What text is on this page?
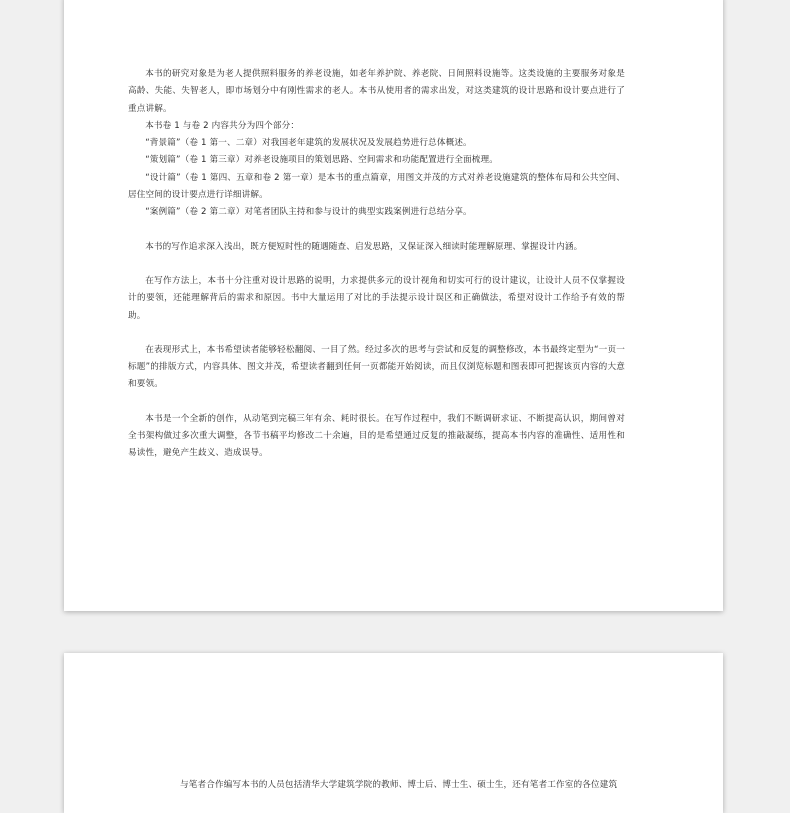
本书的研究对象是为老人提供照料服务的养老设施，如老年养护院、养老院、日间照料设施等。这类设施的主要服务对象是高龄、失能、失智老人，即市场划分中有刚性需求的老人。本书从使用者的需求出发，对这类建筑的设计思路和设计要点进行了重点讲解。

本书卷 1 与卷 2 内容共分为四个部分：

“背景篇”（卷 1 第一、二章）对我国老年建筑的发展状况及发展趋势进行总体概述。

“策划篇”（卷 1 第三章）对养老设施项目的策划思路、空间需求和功能配置进行全面梳理。

“设计篇”（卷 1 第四、五章和卷 2 第一章）是本书的重点篇章，用图文并茂的方式对养老设施建筑的整体布局和公共空间、居住空间的设计要点进行详细讲解。

“案例篇”（卷 2 第二章）对笔者团队主持和参与设计的典型实践案例进行总结分享。

本书的写作追求深入浅出，既方便短时性的随遇随查、启发思路，又保证深入细读时能理解原理、掌握设计内涵。

在写作方法上，本书十分注重对设计思路的说明，力求提供多元的设计视角和切实可行的设计建议，让设计人员不仅掌握设计的要领，还能理解背后的需求和原因。书中大量运用了对比的手法提示设计误区和正确做法，希望对设计工作给予有效的帮助。

在表现形式上，本书希望读者能够轻松翻阅、一目了然。经过多次的思考与尝试和反复的调整修改，本书最终定型为“一页一标题”的排版方式，内容具体、图文并茂，希望读者翻到任何一页都能开始阅读，而且仅浏览标题和图表即可把握该页内容的大意和要领。

本书是一个全新的创作，从动笔到完稿三年有余、耗时很长。在写作过程中，我们不断调研求证、不断提高认识，期间曾对全书架构做过多次重大调整，各节书稿平均修改二十余遍，目的是希望通过反复的推敲凝练，提高本书内容的准确性、适用性和易读性，避免产生歧义、造成误导。

与笔者合作编写本书的人员包括清华大学建筑学院的教师、博士后、博士生、硕士生，还有笔者工作室的各位建筑
